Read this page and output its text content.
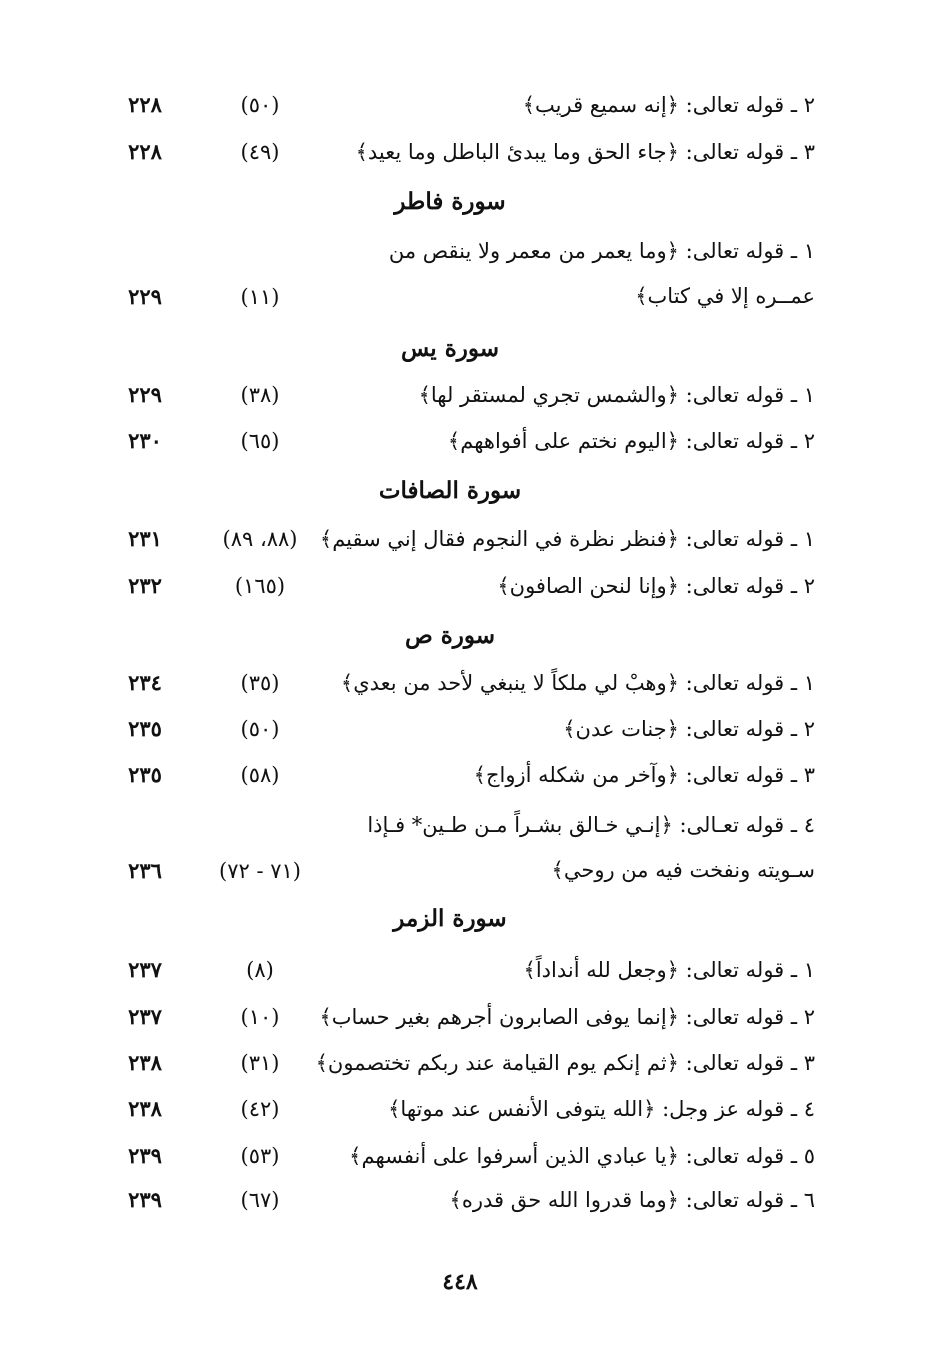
٢ ـ قوله تعالى: ﴿إنه سميع قريب﴾
(٥٠)
٢٢٨
٣ ـ قوله تعالى: ﴿جاء الحق وما يبدئ الباطل وما يعيد﴾
(٤٩)
٢٢٨
سورة فاطر
١ ـ قوله تعالى: ﴿وما يعمر من معمر ولا ينقص من عمــره إلا في كتاب﴾
(١١)
٢٢٩
سورة يس
١ ـ قوله تعالى: ﴿والشمس تجري لمستقر لها﴾
(٣٨)
٢٢٩
٢ ـ قوله تعالى: ﴿اليوم نختم على أفواههم﴾
(٦٥)
٢٣٠
سورة الصافات
١ ـ قوله تعالى: ﴿فنظر نظرة في النجوم فقال إني سقيم﴾
(٨٨، ٨٩)
٢٣١
٢ ـ قوله تعالى: ﴿وإنا لنحن الصافون﴾
(١٦٥)
٢٣٢
سورة ص
١ ـ قوله تعالى: ﴿وهبْ لي ملكاً لا ينبغي لأحد من بعدي﴾
(٣٥)
٢٣٤
٢ ـ قوله تعالى: ﴿جنات عدن﴾
(٥٠)
٢٣٥
٣ ـ قوله تعالى: ﴿وآخر من شكله أزواج﴾
(٥٨)
٢٣٥
٤ ـ قوله تعـالى: ﴿إنـي خـالق بشـراً مـن طـين* فـإذا سـويته ونفخت فيه من روحي﴾
(٧١ - ٧٢)
٢٣٦
سورة الزمر
١ ـ قوله تعالى: ﴿وجعل لله أنداداً﴾
(٨)
٢٣٧
٢ ـ قوله تعالى: ﴿إنما يوفى الصابرون أجرهم بغير حساب﴾
(١٠)
٢٣٧
٣ ـ قوله تعالى: ﴿ثم إنكم يوم القيامة عند ربكم تختصمون﴾
(٣١)
٢٣٨
٤ ـ قوله عز وجل: ﴿الله يتوفى الأنفس عند موتها﴾
(٤٢)
٢٣٨
٥ ـ قوله تعالى: ﴿يا عبادي الذين أسرفوا على أنفسهم﴾
(٥٣)
٢٣٩
٦ ـ قوله تعالى: ﴿وما قدروا الله حق قدره﴾
(٦٧)
٢٣٩
٤٤٨
